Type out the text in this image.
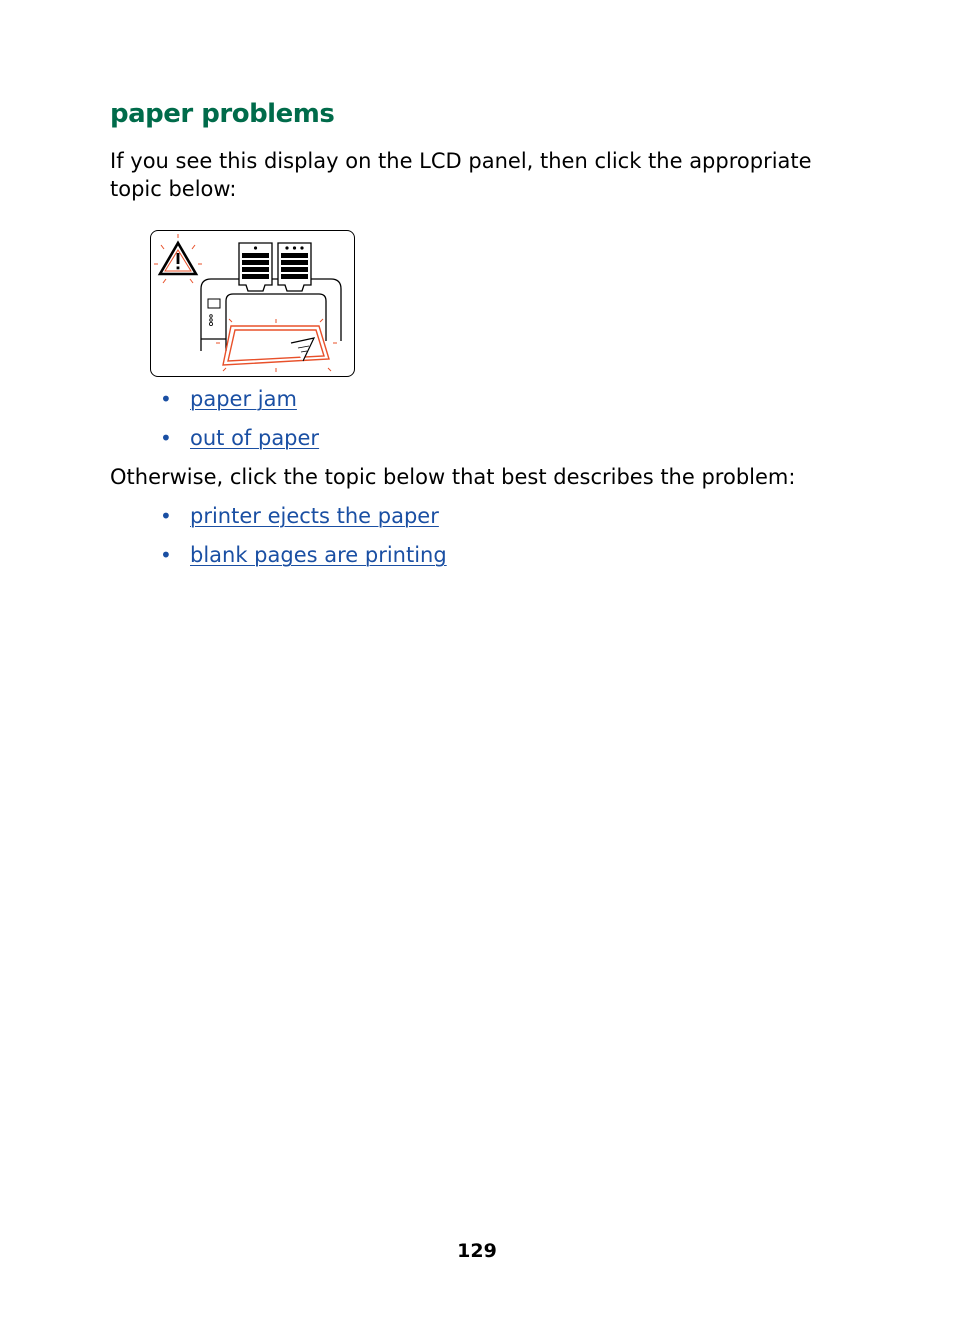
paper problems

If you see this display on the LCD panel, then click the appropriate topic below:

• paper jam
• out of paper

Otherwise, click the topic below that best describes the problem:

• printer ejects the paper
• blank pages are printing
129
